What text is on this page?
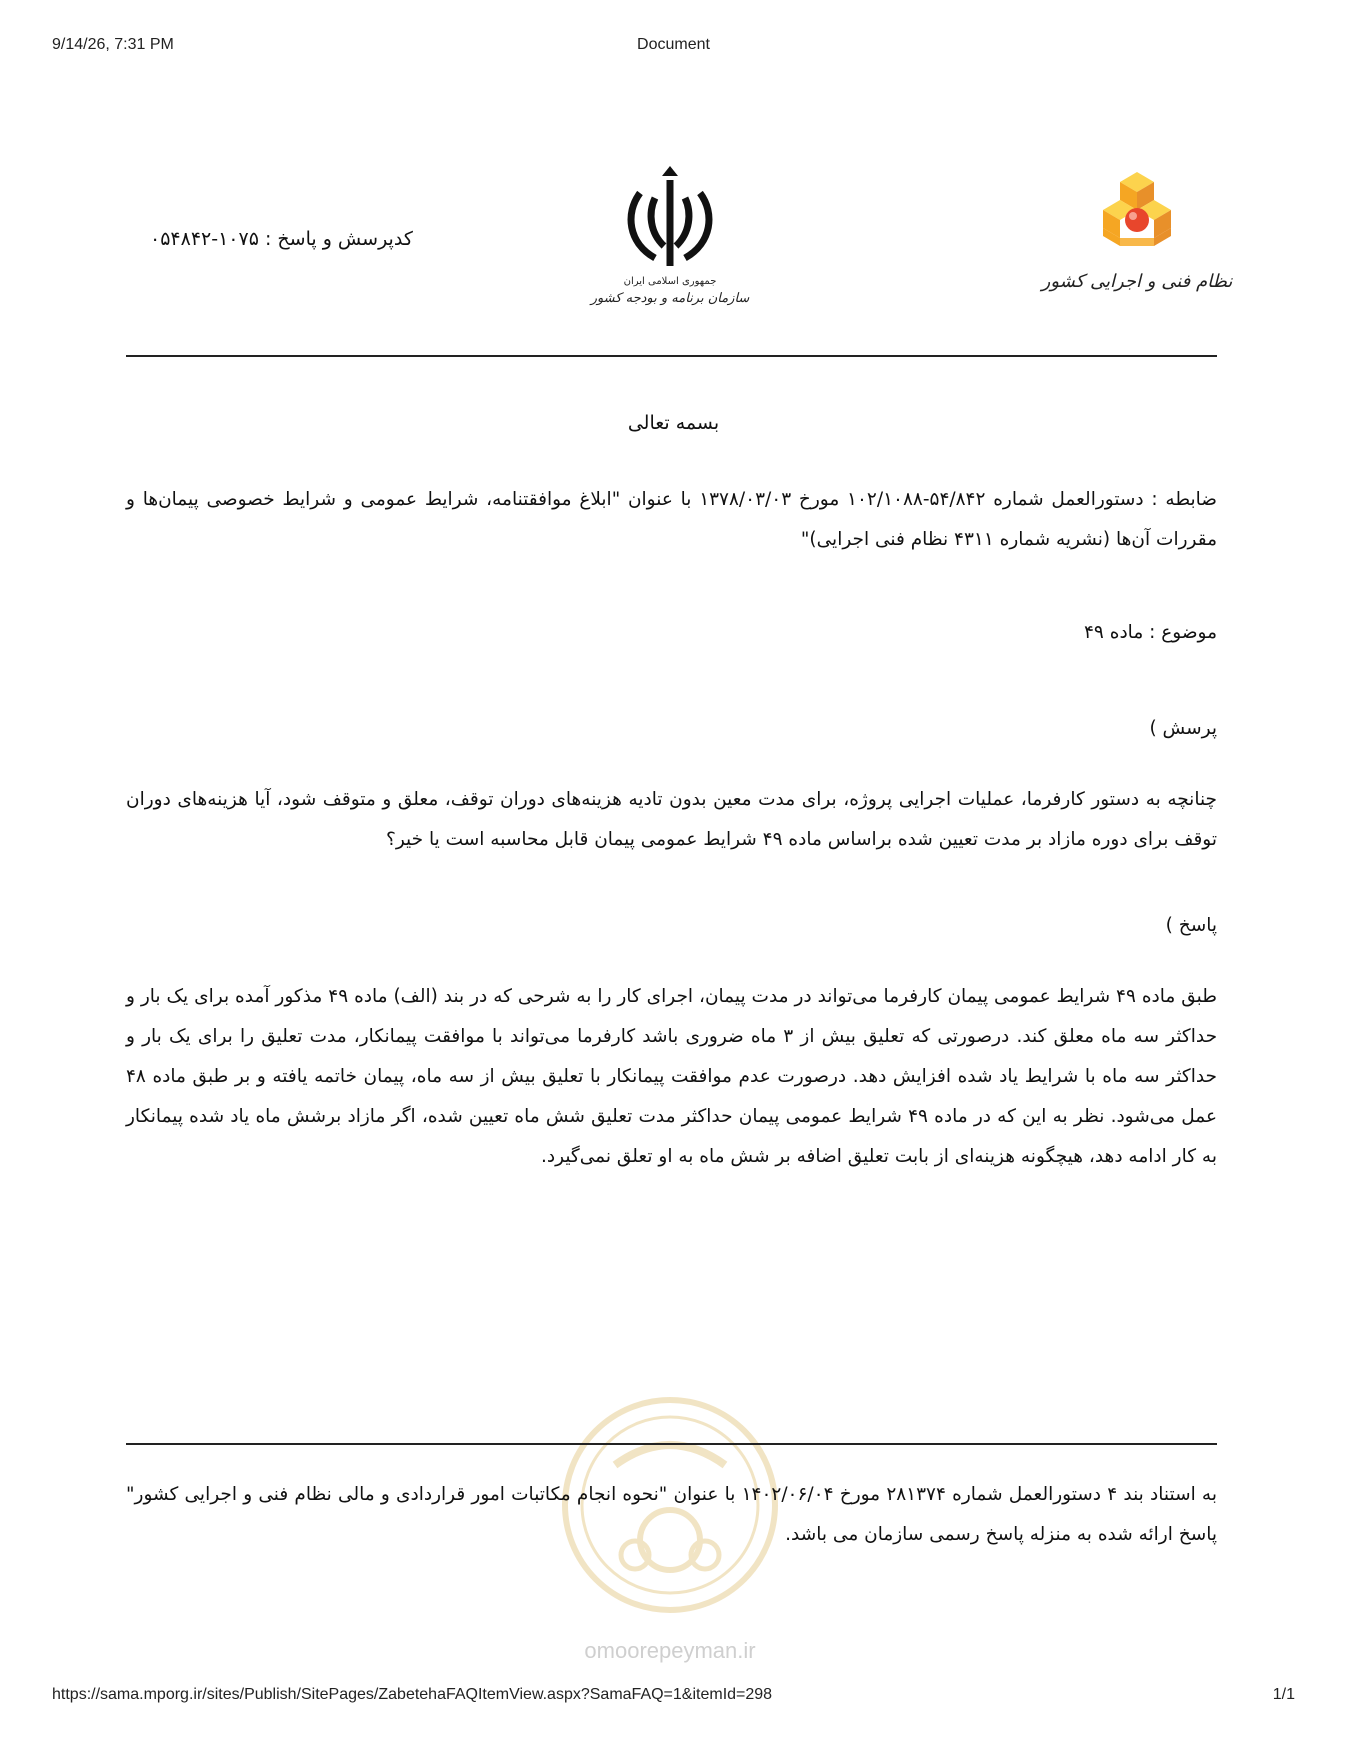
9/14/26, 7:31 PM	Document
نظام فنی و اجرایی کشور
جمهوری اسلامی ایران
سازمان برنامه و بودجه کشور
کدپرسش و پاسخ : ۰۵۴۸۴۲-۱۰۷۵
بسمه تعالی
ضابطه : دستورالعمل شماره ۵۴/۸۴۲-۱۰۲/۱۰۸۸ مورخ ۱۳۷۸/۰۳/۰۳ با عنوان "ابلاغ موافقتنامه، شرایط عمومی و شرایط خصوصی پیمان‌ها و مقررات آن‌ها (نشریه شماره ۴۳۱۱ نظام فنی اجرایی)"
موضوع : ماده ۴۹
پرسش )
چنانچه به دستور کارفرما، عملیات اجرایی پروژه، برای مدت معین بدون تادیه هزینه‌های دوران توقف، معلق و متوقف شود، آیا هزینه‌های دوران توقف برای دوره مازاد بر مدت تعیین شده براساس ماده ۴۹ شرایط عمومی پیمان قابل محاسبه است یا خیر؟
پاسخ )
طبق ماده ۴۹ شرایط عمومی پیمان کارفرما می‌تواند در مدت پیمان، اجرای کار را به شرحی که در بند (الف) ماده ۴۹ مذکور آمده برای یک بار و حداکثر سه ماه معلق کند. درصورتی که تعلیق بیش از ۳ ماه ضروری باشد کارفرما می‌تواند با موافقت پیمانکار، مدت تعلیق را برای یک بار و حداکثر سه ماه با شرایط یاد شده افزایش دهد. درصورت عدم موافقت پیمانکار با تعلیق بیش از سه ماه، پیمان خاتمه یافته و بر طبق ماده ۴۸ عمل می‌شود. نظر به این که در ماده ۴۹ شرایط عمومی پیمان حداکثر مدت تعلیق شش ماه تعیین شده، اگر مازاد برشش ماه یاد شده پیمانکار به کار ادامه دهد، هیچگونه هزینه‌ای از بابت تعلیق اضافه بر شش ماه به او تعلق نمی‌گیرد.
به استناد بند ۴ دستورالعمل شماره ۲۸۱۳۷۴ مورخ ۱۴۰۲/۰۶/۰۴ با عنوان "نحوه انجام مکاتبات امور قراردادی و مالی نظام فنی و اجرایی کشور" پاسخ ارائه شده به منزله پاسخ رسمی سازمان می باشد.
omoorepeyman.ir
https://sama.mporg.ir/sites/Publish/SitePages/ZabetehaFAQItemView.aspx?SamaFAQ=1&itemId=298	1/1
